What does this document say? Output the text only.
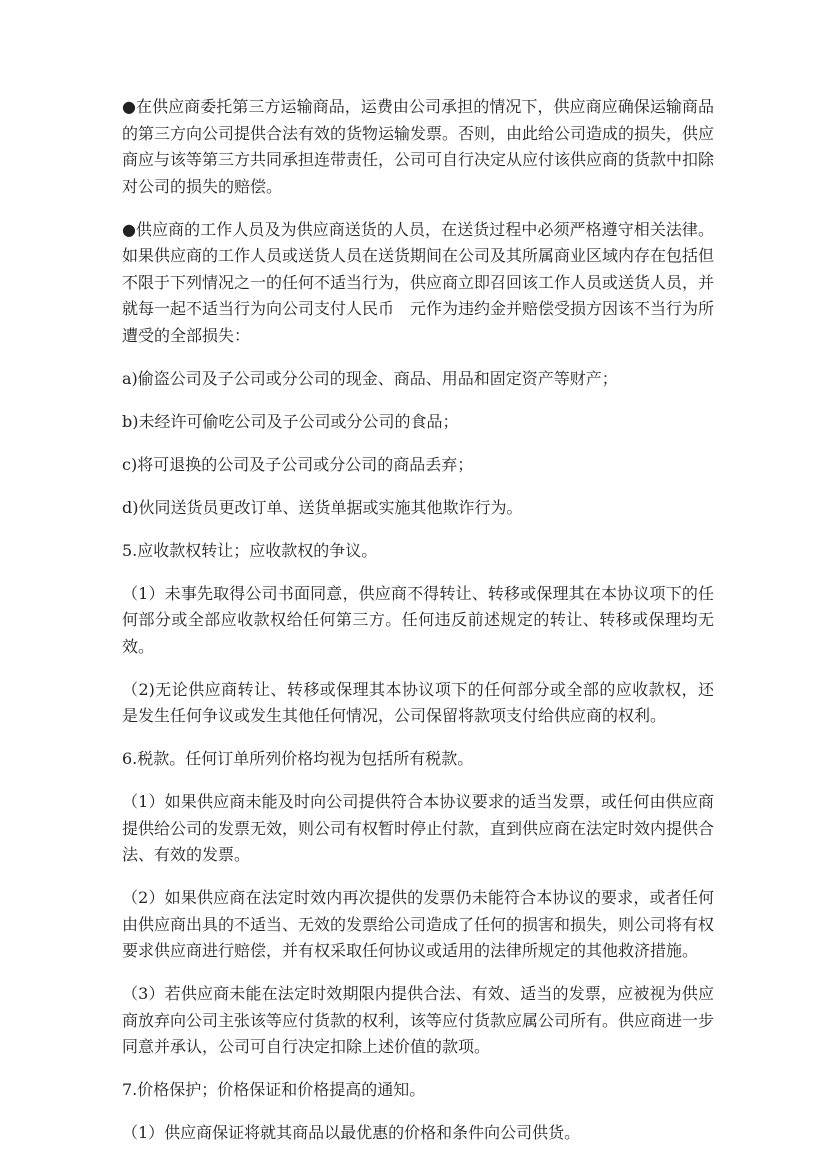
●在供应商委托第三方运输商品，运费由公司承担的情况下，供应商应确保运输商品的第三方向公司提供合法有效的货物运输发票。否则，由此给公司造成的损失，供应商应与该等第三方共同承担连带责任，公司可自行决定从应付该供应商的货款中扣除对公司的损失的赔偿。

●供应商的工作人员及为供应商送货的人员，在送货过程中必须严格遵守相关法律。如果供应商的工作人员或送货人员在送货期间在公司及其所属商业区域内存在包括但不限于下列情况之一的任何不适当行为，供应商立即召回该工作人员或送货人员，并就每一起不适当行为向公司支付人民币　元作为违约金并赔偿受损方因该不当行为所遭受的全部损失：

a)偷盗公司及子公司或分公司的现金、商品、用品和固定资产等财产；

b)未经许可偷吃公司及子公司或分公司的食品；

c)将可退换的公司及子公司或分公司的商品丢弃；

d)伙同送货员更改订单、送货单据或实施其他欺诈行为。

5.应收款权转让；应收款权的争议。

（1）未事先取得公司书面同意，供应商不得转让、转移或保理其在本协议项下的任何部分或全部应收款权给任何第三方。任何违反前述规定的转让、转移或保理均无效。

（2)无论供应商转让、转移或保理其本协议项下的任何部分或全部的应收款权，还是发生任何争议或发生其他任何情况，公司保留将款项支付给供应商的权利。

6.税款。任何订单所列价格均视为包括所有税款。

（1）如果供应商未能及时向公司提供符合本协议要求的适当发票，或任何由供应商提供给公司的发票无效，则公司有权暂时停止付款，直到供应商在法定时效内提供合法、有效的发票。

（2）如果供应商在法定时效内再次提供的发票仍未能符合本协议的要求，或者任何由供应商出具的不适当、无效的发票给公司造成了任何的损害和损失，则公司将有权要求供应商进行赔偿，并有权采取任何协议或适用的法律所规定的其他救济措施。

（3）若供应商未能在法定时效期限内提供合法、有效、适当的发票，应被视为供应商放弃向公司主张该等应付货款的权利，该等应付货款应属公司所有。供应商进一步同意并承认，公司可自行决定扣除上述价值的款项。

7.价格保护；价格保证和价格提高的通知。

（1）供应商保证将就其商品以最优惠的价格和条件向公司供货。
